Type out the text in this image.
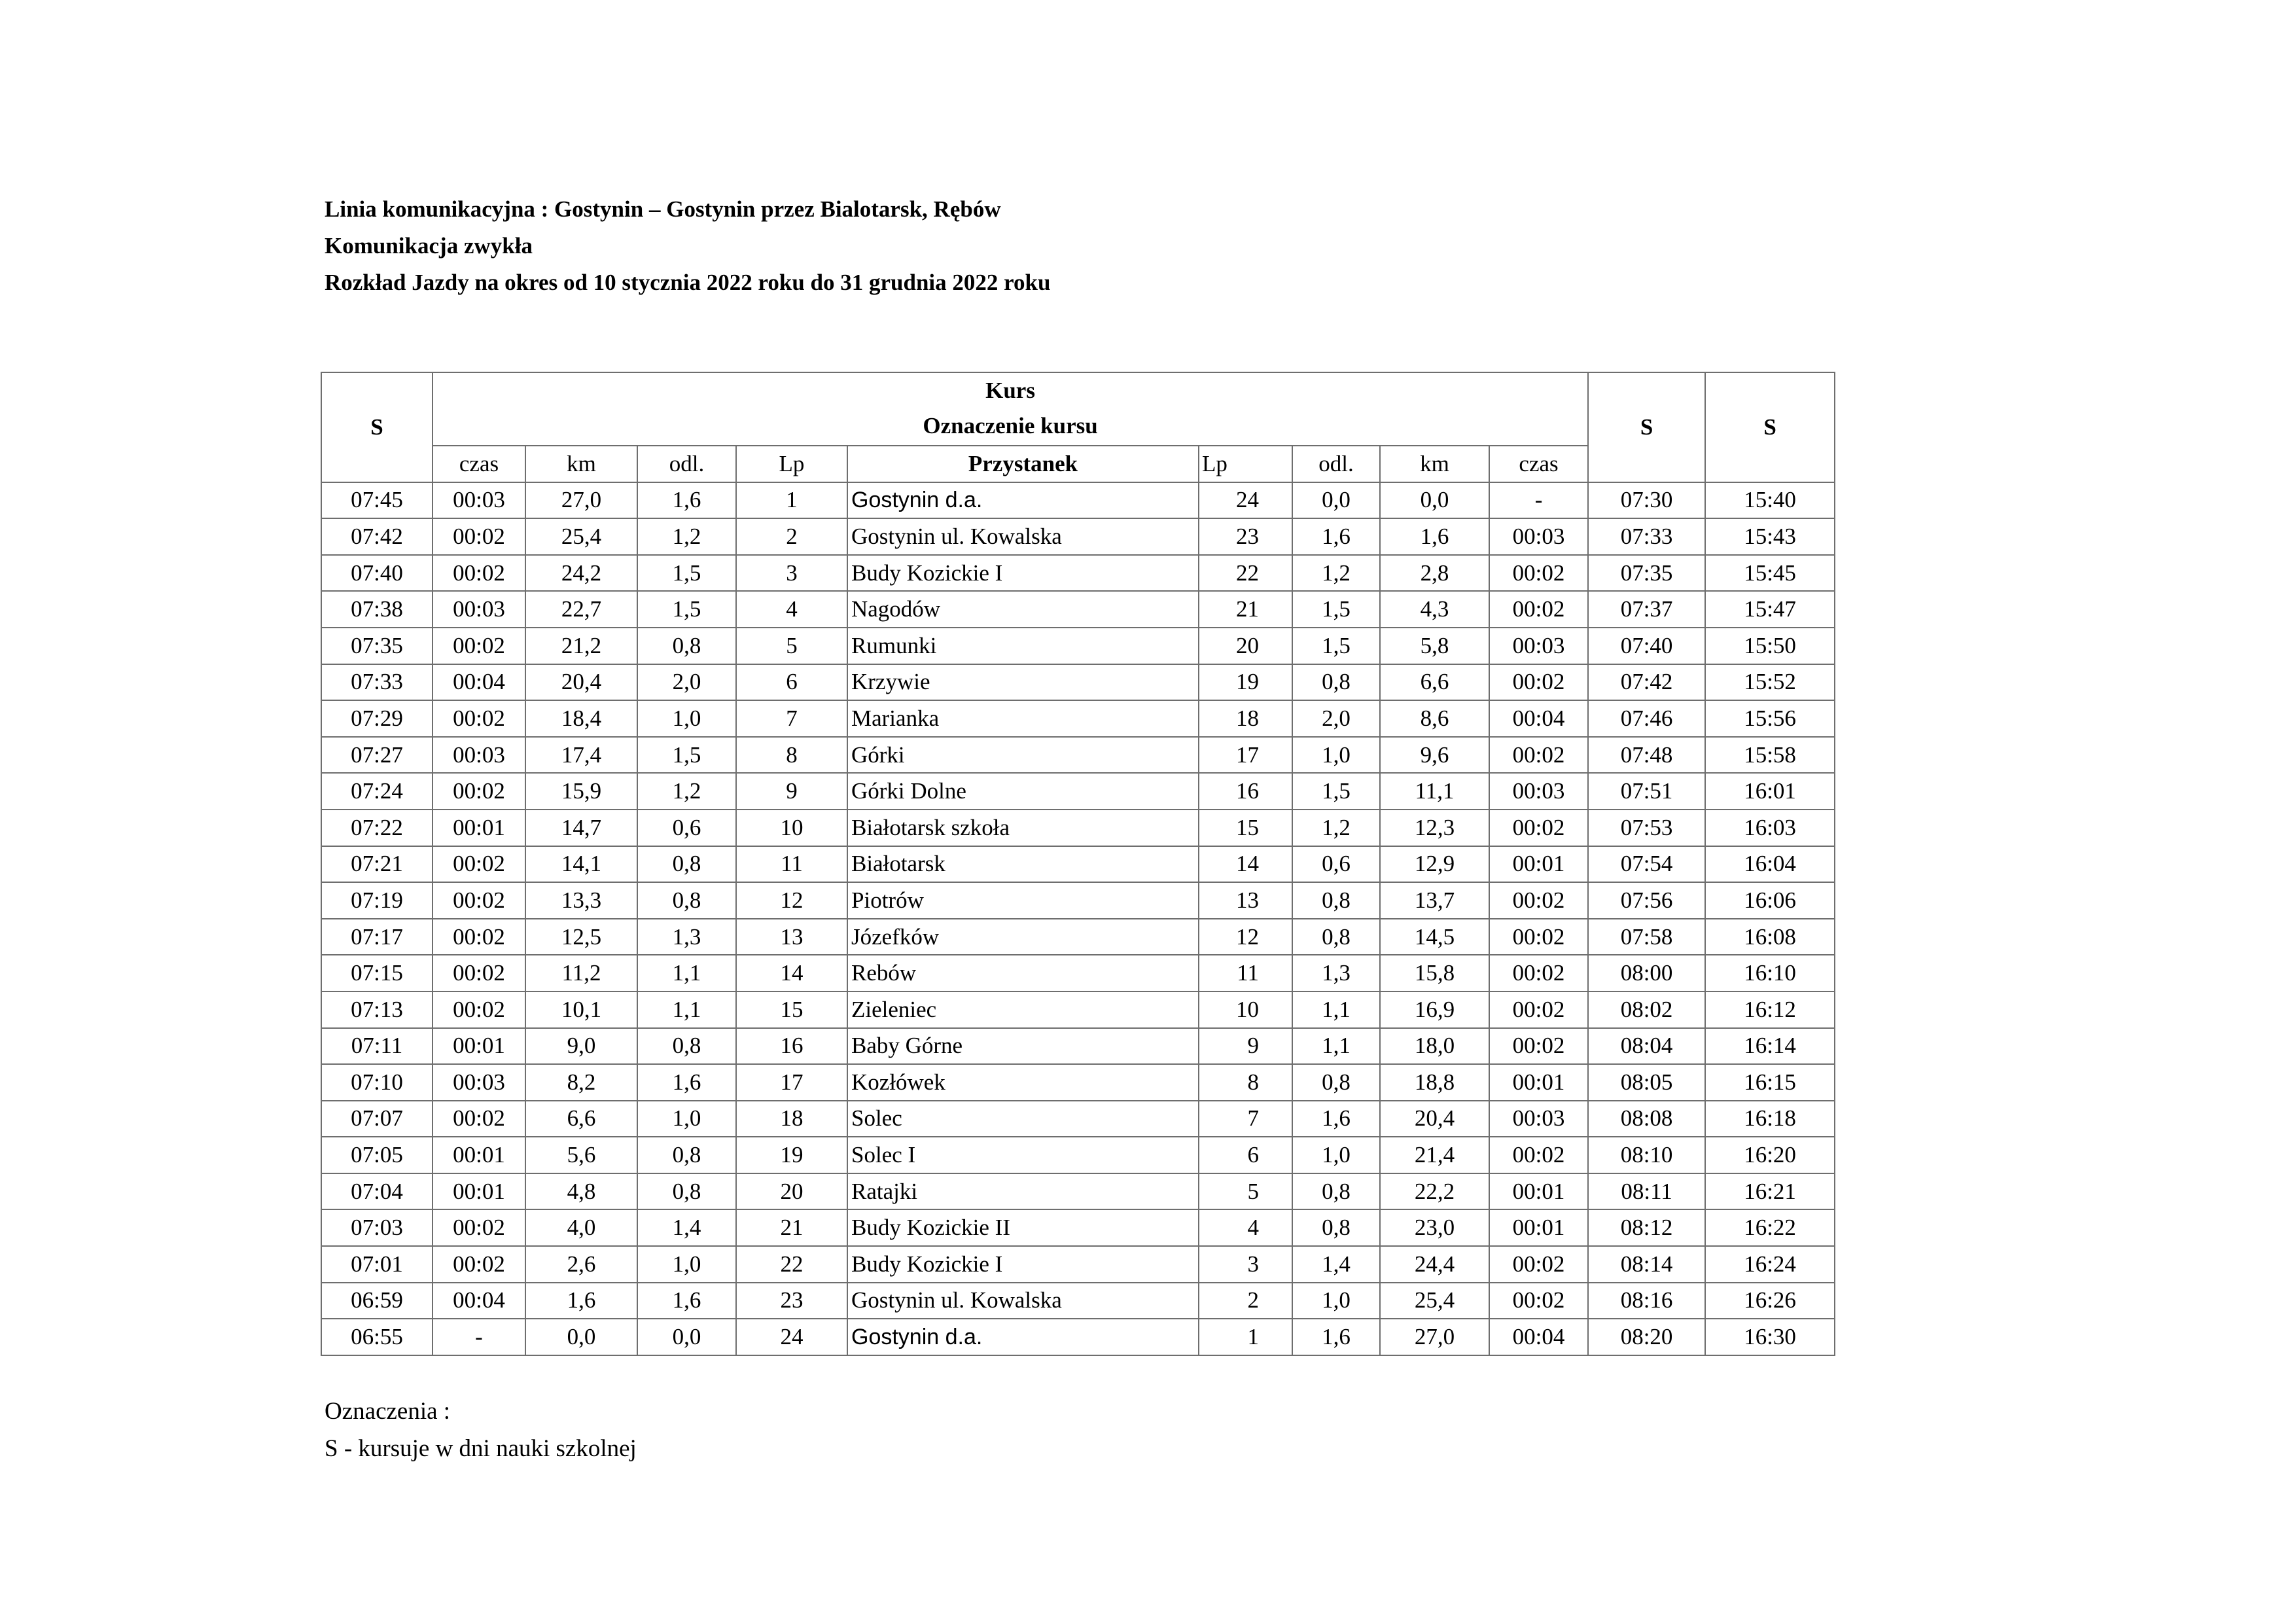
Linia komunikacyjna : Gostynin – Gostynin przez Bialotarsk, Rębów
Komunikacja zwykła
Rozkład Jazdy na okres od 10 stycznia 2022 roku do 31 grudnia 2022 roku
S	Kurs
Oznaczenie kursu									S	S
	czas	km	odl.	Lp	Przystanek	Lp	odl.	km	czas		
07:45	00:03	27,0	1,6	1	Gostynin d.a.	24	0,0	0,0	-	07:30	15:40
07:42	00:02	25,4	1,2	2	Gostynin ul. Kowalska	23	1,6	1,6	00:03	07:33	15:43
07:40	00:02	24,2	1,5	3	Budy Kozickie I	22	1,2	2,8	00:02	07:35	15:45
07:38	00:03	22,7	1,5	4	Nagodów	21	1,5	4,3	00:02	07:37	15:47
07:35	00:02	21,2	0,8	5	Rumunki	20	1,5	5,8	00:03	07:40	15:50
07:33	00:04	20,4	2,0	6	Krzywie	19	0,8	6,6	00:02	07:42	15:52
07:29	00:02	18,4	1,0	7	Marianka	18	2,0	8,6	00:04	07:46	15:56
07:27	00:03	17,4	1,5	8	Górki	17	1,0	9,6	00:02	07:48	15:58
07:24	00:02	15,9	1,2	9	Górki Dolne	16	1,5	11,1	00:03	07:51	16:01
07:22	00:01	14,7	0,6	10	Białotarsk szkoła	15	1,2	12,3	00:02	07:53	16:03
07:21	00:02	14,1	0,8	11	Białotarsk	14	0,6	12,9	00:01	07:54	16:04
07:19	00:02	13,3	0,8	12	Piotrów	13	0,8	13,7	00:02	07:56	16:06
07:17	00:02	12,5	1,3	13	Józefków	12	0,8	14,5	00:02	07:58	16:08
07:15	00:02	11,2	1,1	14	Rebów	11	1,3	15,8	00:02	08:00	16:10
07:13	00:02	10,1	1,1	15	Zieleniec	10	1,1	16,9	00:02	08:02	16:12
07:11	00:01	9,0	0,8	16	Baby Górne	9	1,1	18,0	00:02	08:04	16:14
07:10	00:03	8,2	1,6	17	Kozłówek	8	0,8	18,8	00:01	08:05	16:15
07:07	00:02	6,6	1,0	18	Solec	7	1,6	20,4	00:03	08:08	16:18
07:05	00:01	5,6	0,8	19	Solec I	6	1,0	21,4	00:02	08:10	16:20
07:04	00:01	4,8	0,8	20	Ratajki	5	0,8	22,2	00:01	08:11	16:21
07:03	00:02	4,0	1,4	21	Budy Kozickie II	4	0,8	23,0	00:01	08:12	16:22
07:01	00:02	2,6	1,0	22	Budy Kozickie I	3	1,4	24,4	00:02	08:14	16:24
06:59	00:04	1,6	1,6	23	Gostynin ul. Kowalska	2	1,0	25,4	00:02	08:16	16:26
06:55	-	0,0	0,0	24	Gostynin d.a.	1	1,6	27,0	00:04	08:20	16:30
Oznaczenia :
S - kursuje w dni nauki szkolnej
